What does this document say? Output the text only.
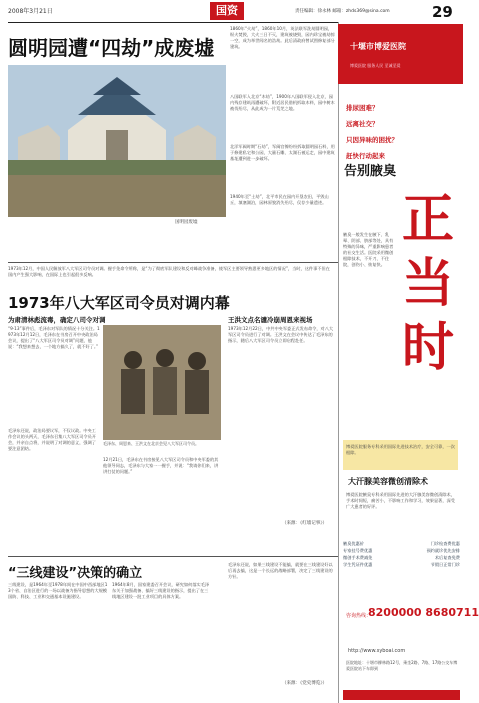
2008年3月21日	国资	责任编辑：徐永林 邮箱：zhds369@sina.com	29
圆明园遭“四劫”成废墟
国明园废墟
1860年“火劫”，1860年10月，英法联军洗劫圆明园，纵火焚毁，大火三日不灭，建筑被烧毁，园内珍宝被劫掠一空，成为举世闻名的浩劫。此后清政府曾试图修复部分建筑。
八国联军入北京“木劫”，1900年八国联军侵入北京，园内残存建筑再遭破坏，附近居民借机拆取木料，园中树木被伐殆尽，从此成为一片荒芜之地。
北洋军阀时期“石劫”，军阀官僚纷纷拆取圆明园石料，用于修建私宅和公园，大量石雕、太湖石被运走，园中建筑基址遭到进一步破坏。
1940年至“土劫”，北平市民在园内开垦农田，平毁山丘，填塞湖泊，园林原貌消失殆尽，仅存少量遗迹。
1973年12月，中国人民解放军八大军区司令员对调。握手免命令所称，是“为了彻底军队建设和反对峰战争准备，使军区主要领导熟悉更多地区的情况”，当时，这件事不但在国内产生强大影响，在国际上也引起很多反响。
1973年八大军区司令员对调内幕
为肃清林彪流毒，确定八司令对调	王洪文点名谴冷崩周恩来视场
“9·13”事件后，毛泽东对军队的情况十分关注。1973年12月12日，毛泽东在书房召开中央政治局会议，提出了“八大军区司令员对调”问题，他说：“我想来想去，一个地方搞久了，就不好了。”
毛泽东还说，政治局要议军，不仅议政。中央工作会议的头两天，毛泽东召集八大军区司令员开会，并亲自点将，并说明了对调的意义，强调了要注意团结。
毛泽东、周恩来、王洪文在北京会见八大军区司令员。
12月21日，毛泽东在书房接见八大军区司令员和中央军委的其他领导同志，毛泽东与大家一一握手，并说：“我请你们来，讲讲打仗的问题。”
1973年12月22日，中共中央军委正式发布命令，对八大军区司令员进行了对调。王洪文在会议中传达了毛泽东的指示，随后八大军区司令员立即启程赴任。
（来源：《红墙记事》）
“三线建设”决策的确立
三线建设，是1964年至1978年间在中国中西部地区13个省、自治区进行的一场以战备为指导思想的大规模国防、科技、工业和交通基本设施建设。
1964年8月，国家建委召开会议，研究如何落实毛泽东关于加强战备、搞好三线建设的指示，提出了在三线地区建设一批工业项目的具体方案。
毛泽东还说，如果三线建设不能搞，就要在三线建设好以后再去搞，这是一个长远的战略部署，决定了三线建设的方针。
（来源：《党史博览》）
十堰市博爱医院
博爱医院 服务人民 至诚至爱
排尿困难？
远离社交？
只因异味的困扰？
赶快行动起来
告别腋臭
正
当
时
腋臭一般发生在腋下、乳晕、阴部、脐部等处，具有特殊的异味，严重影响患者的社交生活。医院采用微创根除技术，不开刀、不住院，创伤小、恢复快。
博爱医院服务专科采用国际先进技术治疗，安全可靠，一次根除。
大汗腺美容微创清除术
博爱医院腋臭专科采用国际先进的大汗腺美容微创清除术，手术时间短，痛苦小，不影响工作和学习，效果显著，深受广大患者的好评。
腋臭优惠价	门诊检查费优惠
专家挂号费优惠	预约就诊优先安排
微创手术费减免	术后复查免费
学生凭证件优惠	节假日正常门诊
咨询热线：
8200000 8680711
http://www.syboai.com
医院地址：十堰市柳林路12号，乘坐2路、7路、17路公交车博爱医院站下车即到
